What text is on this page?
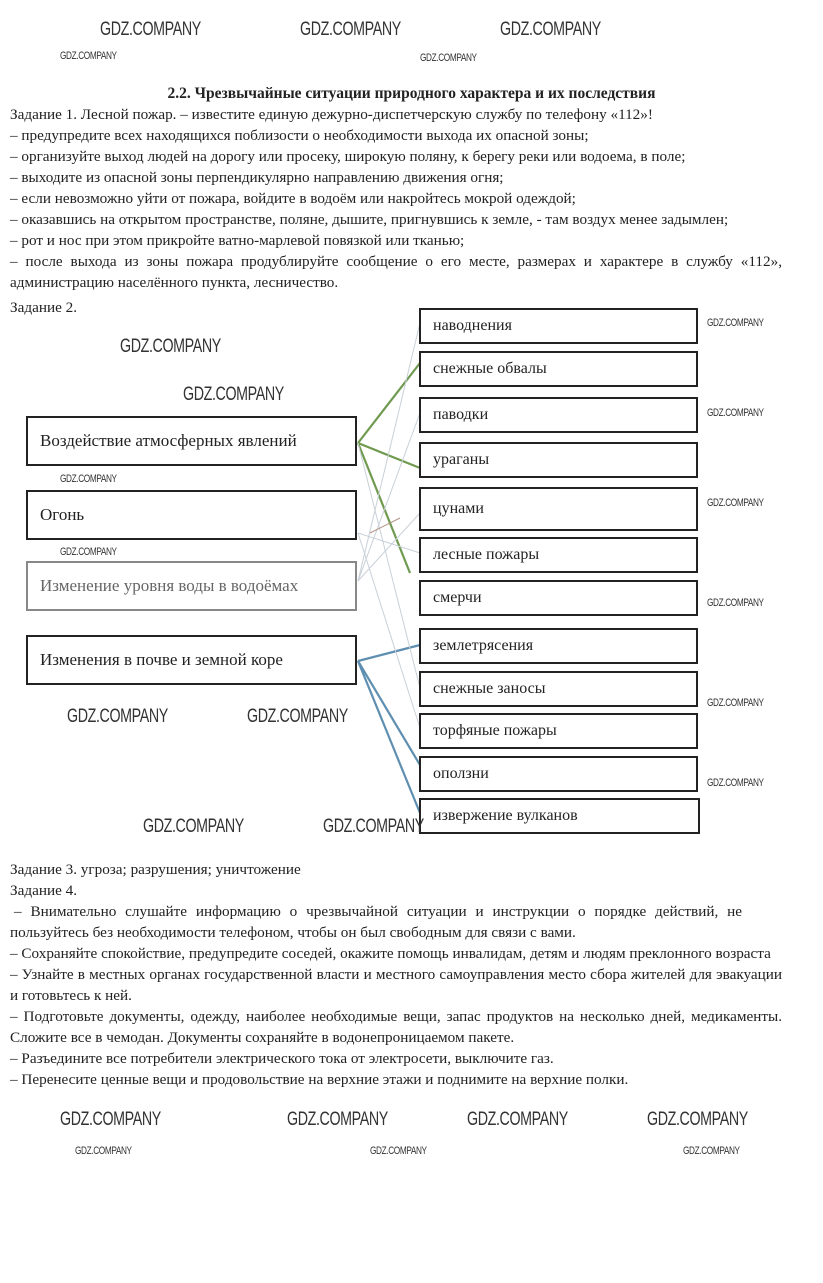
GDZ.COMPANY	GDZ.COMPANY	GDZ.COMPANY
GDZ.COMPANY	GDZ.COMPANY
2.2. Чрезвычайные ситуации природного характера и их последствия
Задание 1. Лесной пожар. – известите единую дежурно-диспетчерскую службу по телефону «112»!
– предупредите всех находящихся поблизости о необходимости выхода их опасной зоны;
– организуйте выход людей на дорогу или просеку, широкую поляну, к берегу реки или водоема, в поле;
– выходите из опасной зоны перпендикулярно направлению движения огня;
– если невозможно уйти от пожара, войдите в водоём или накройтесь мокрой одеждой;
– оказавшись на открытом пространстве, поляне, дышите, пригнувшись к земле, - там воздух менее задымлен;
– рот и нос при этом прикройте ватно-марлевой повязкой или тканью;
– после выхода из зоны пожара продублируйте сообщение о его месте, размерах и характере в службу «112», администрацию населённого пункта, лесничество.
Задание 2.
Воздействие атмосферных явлений
Огонь
Изменение уровня воды в водоёмах
Изменения в почве и земной коре
наводнения
снежные обвалы
паводки
ураганы
цунами
лесные пожары
смерчи
землетрясения
снежные заносы
торфяные пожары
оползни
извержение вулканов
GDZ.COMPANY
GDZ.COMPANY
GDZ.COMPANY
GDZ.COMPANY
GDZ.COMPANY
GDZ.COMPANY
GDZ.COMPANY
GDZ.COMPANY
GDZ.COMPANY
GDZ.COMPANY
GDZ.COMPANY	GDZ.COMPANY
GDZ.COMPANY	GDZ.COMPANY
Задание 3. угроза; разрушения; уничтожение
Задание 4.
– Внимательно слушайте информацию о чрезвычайной ситуации и инструкции о порядке действий, не пользуйтесь без необходимости телефоном, чтобы он был свободным для связи с вами.
– Сохраняйте спокойствие, предупредите соседей, окажите помощь инвалидам, детям и людям преклонного возраста
– Узнайте в местных органах государственной власти и местного самоуправления место сбора жителей для эвакуации и готовьтесь к ней.
– Подготовьте документы, одежду, наиболее необходимые вещи, запас продуктов на несколько дней, медикаменты. Сложите все в чемодан. Документы сохраняйте в водонепроницаемом пакете.
– Разъедините все потребители электрического тока от электросети, выключите газ.
– Перенесите ценные вещи и продовольствие на верхние этажи и поднимите на верхние полки.
GDZ.COMPANY	GDZ.COMPANY	GDZ.COMPANY	GDZ.COMPANY
GDZ.COMPANY	GDZ.COMPANY	GDZ.COMPANY
